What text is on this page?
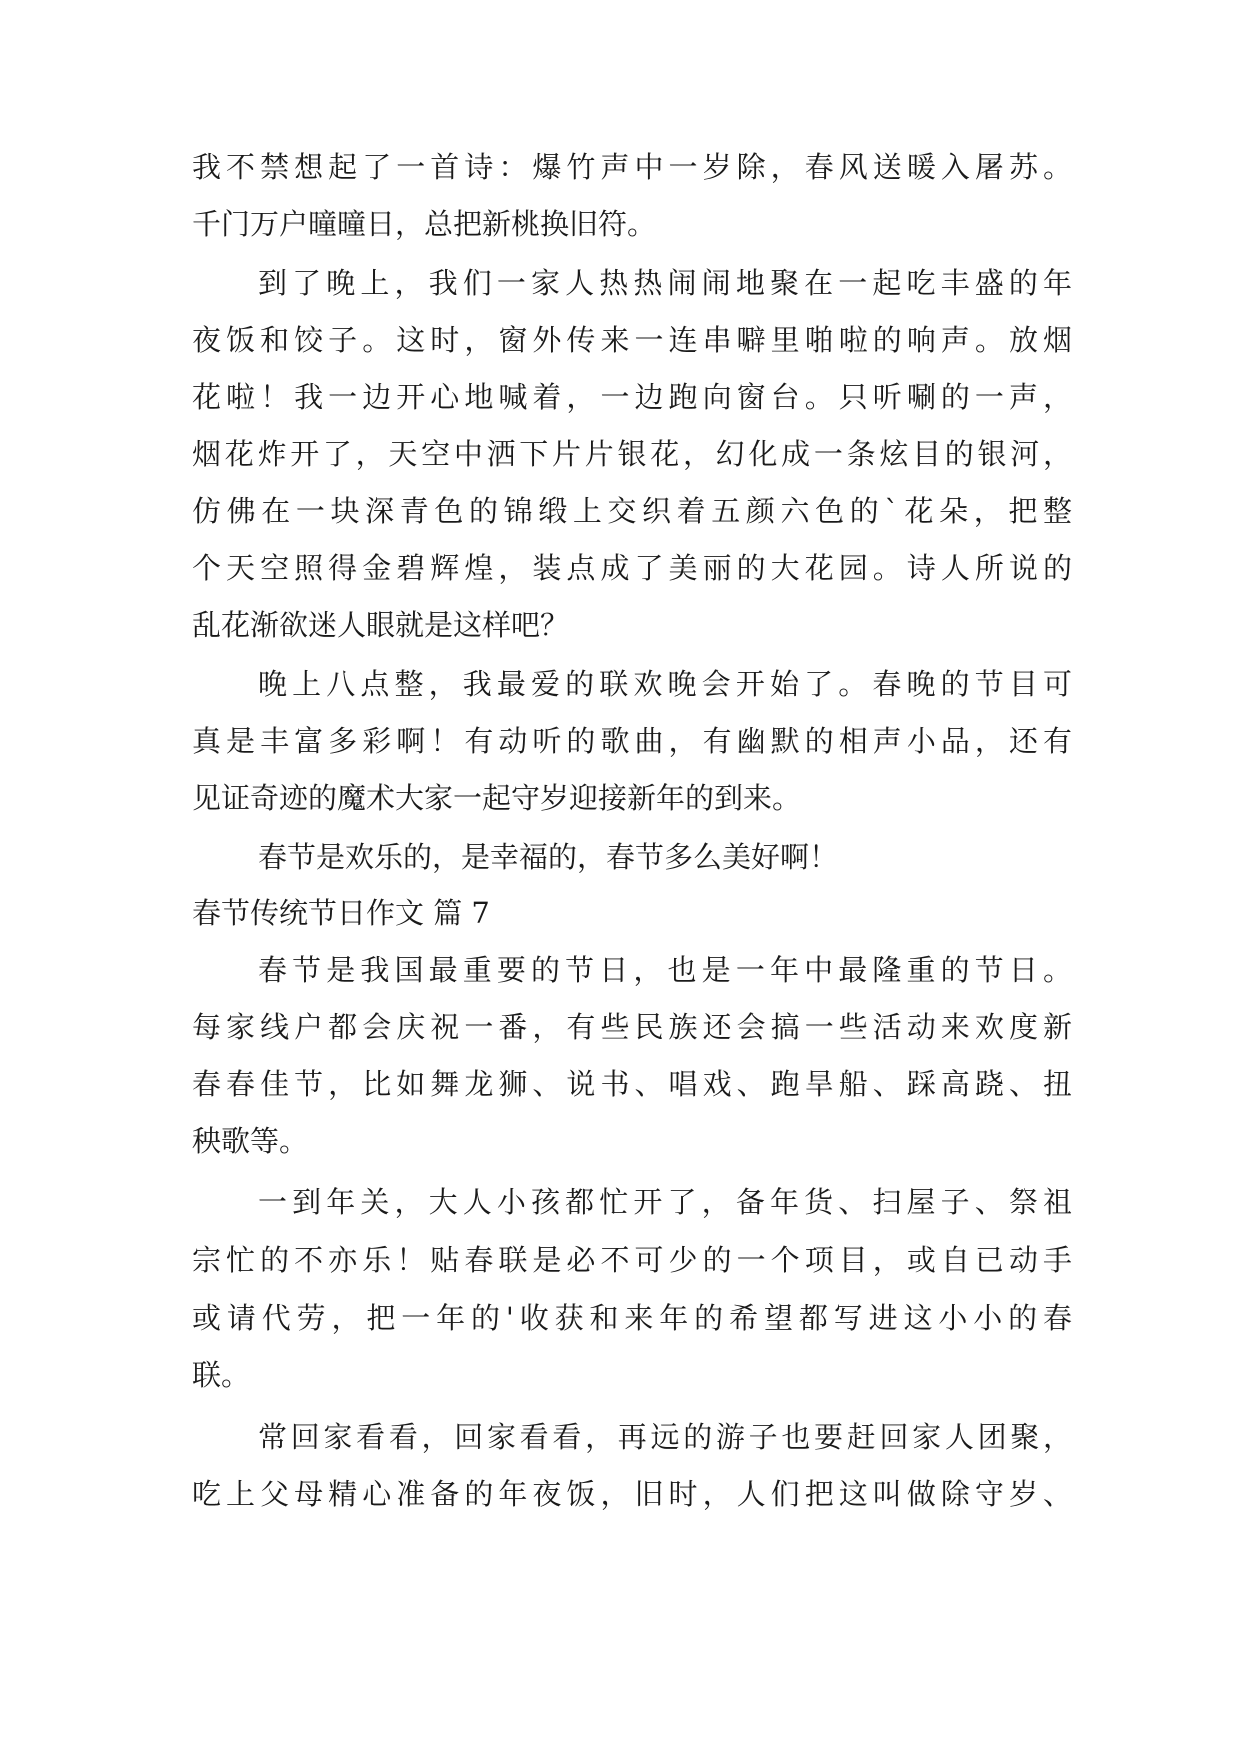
我不禁想起了一首诗：爆竹声中一岁除，春风送暖入屠苏。
千门万户曈曈日，总把新桃换旧符。
到了晚上，我们一家人热热闹闹地聚在一起吃丰盛的年
夜饭和饺子。这时，窗外传来一连串噼里啪啦的响声。放烟
花啦！我一边开心地喊着，一边跑向窗台。只听唰的一声，
烟花炸开了，天空中洒下片片银花，幻化成一条炫目的银河，
仿佛在一块深青色的锦缎上交织着五颜六色的`花朵，把整
个天空照得金碧辉煌，装点成了美丽的大花园。诗人所说的
乱花渐欲迷人眼就是这样吧？
晚上八点整，我最爱的联欢晚会开始了。春晚的节目可
真是丰富多彩啊！有动听的歌曲，有幽默的相声小品，还有
见证奇迹的魔术大家一起守岁迎接新年的到来。
春节是欢乐的，是幸福的，春节多么美好啊！
春节传统节日作文 篇 7
春节是我国最重要的节日，也是一年中最隆重的节日。
每家线户都会庆祝一番，有些民族还会搞一些活动来欢度新
春春佳节，比如舞龙狮、说书、唱戏、跑旱船、踩高跷、扭
秧歌等。
一到年关，大人小孩都忙开了，备年货、扫屋子、祭祖
宗忙的不亦乐！贴春联是必不可少的一个项目，或自已动手
或请代劳，把一年的'收获和来年的希望都写进这小小的春
联。
常回家看看，回家看看，再远的游子也要赶回家人团聚，
吃上父母精心准备的年夜饭，旧时，人们把这叫做除守岁、
